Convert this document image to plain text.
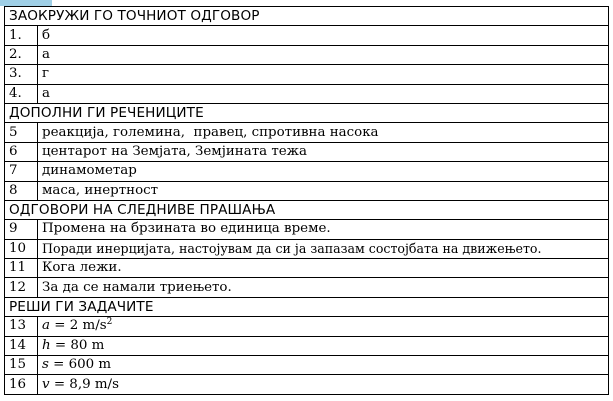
ЗАОКРУЖИ ГО ТОЧНИОТ ОДГОВОР	
1.	б
2.	а
3.	г
4.	а
ДОПОЛНИ ГИ РЕЧЕНИЦИТЕ	
5	реакција, големина,  правец, спротивна насока
6	центарот на Земјата, Земјината тежа
7	динамометар
8	маса, инертност
ОДГОВОРИ НА СЛЕДНИВЕ ПРАШАЊА	
9	Промена на брзината во единица време.
10	Поради инерцијата, настојувам да си ја запазам состојбата на движењето.
11	Кога лежи.
12	За да се намали триењето.
РЕШИ ГИ ЗАДАЧИТЕ	
13	a = 2 $m/s^2$
14	h = 80 m
15	s = 600 m
16	v = 8,9 m/s
